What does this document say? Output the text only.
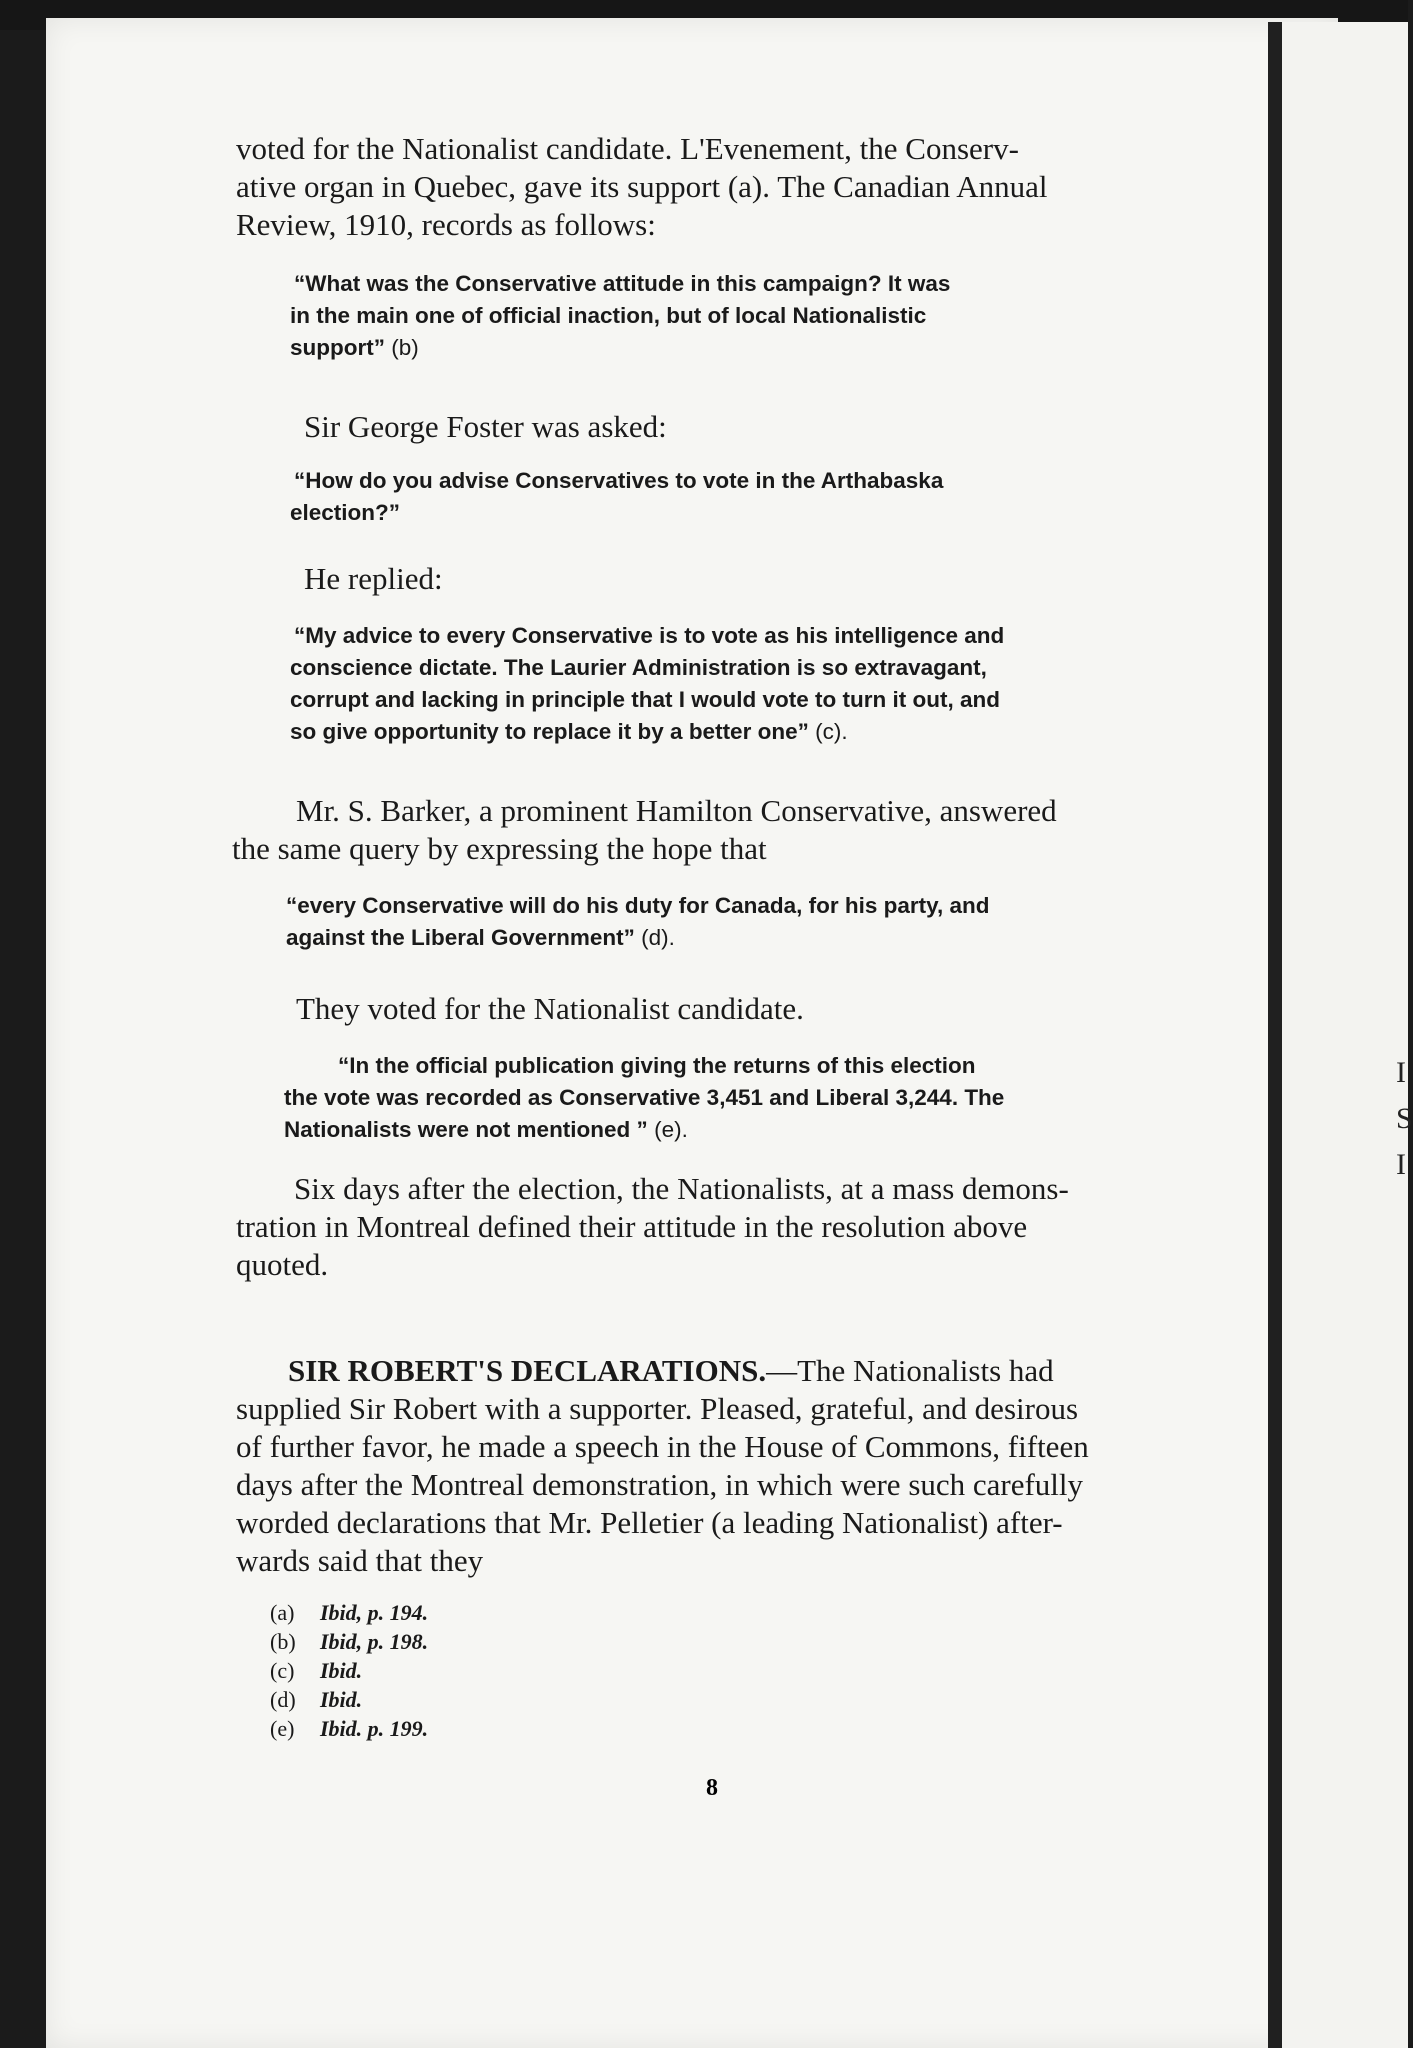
I
S
I
voted for the Nationalist candidate. L'Evenement, the Conserv-
ative organ in Quebec, gave its support (a). The Canadian Annual
Review, 1910, records as follows:
“What was the Conservative attitude in this campaign? It was
in the main one of official inaction, but of local Nationalistic
support” (b)
Sir George Foster was asked:
“How do you advise Conservatives to vote in the Arthabaska
election?”
He replied:
“My advice to every Conservative is to vote as his intelligence and
conscience dictate. The Laurier Administration is so extravagant,
corrupt and lacking in principle that I would vote to turn it out, and
so give opportunity to replace it by a better one” (c).
Mr. S. Barker, a prominent Hamilton Conservative, answered
the same query by expressing the hope that
“every Conservative will do his duty for Canada, for his party, and
against the Liberal Government” (d).
They voted for the Nationalist candidate.
“In the official publication giving the returns of this election
the vote was recorded as Conservative 3,451 and Liberal 3,244. The
Nationalists were not mentioned ” (e).
Six days after the election, the Nationalists, at a mass demons-
tration in Montreal defined their attitude in the resolution above
quoted.
SIR ROBERT'S DECLARATIONS.—The Nationalists had
supplied Sir Robert with a supporter. Pleased, grateful, and desirous
of further favor, he made a speech in the House of Commons, fifteen
days after the Montreal demonstration, in which were such carefully
worded declarations that Mr. Pelletier (a leading Nationalist) after-
wards said that they
(a) Ibid, p. 194.
(b) Ibid, p. 198.
(c) Ibid.
(d) Ibid.
(e) Ibid. p. 199.
8
